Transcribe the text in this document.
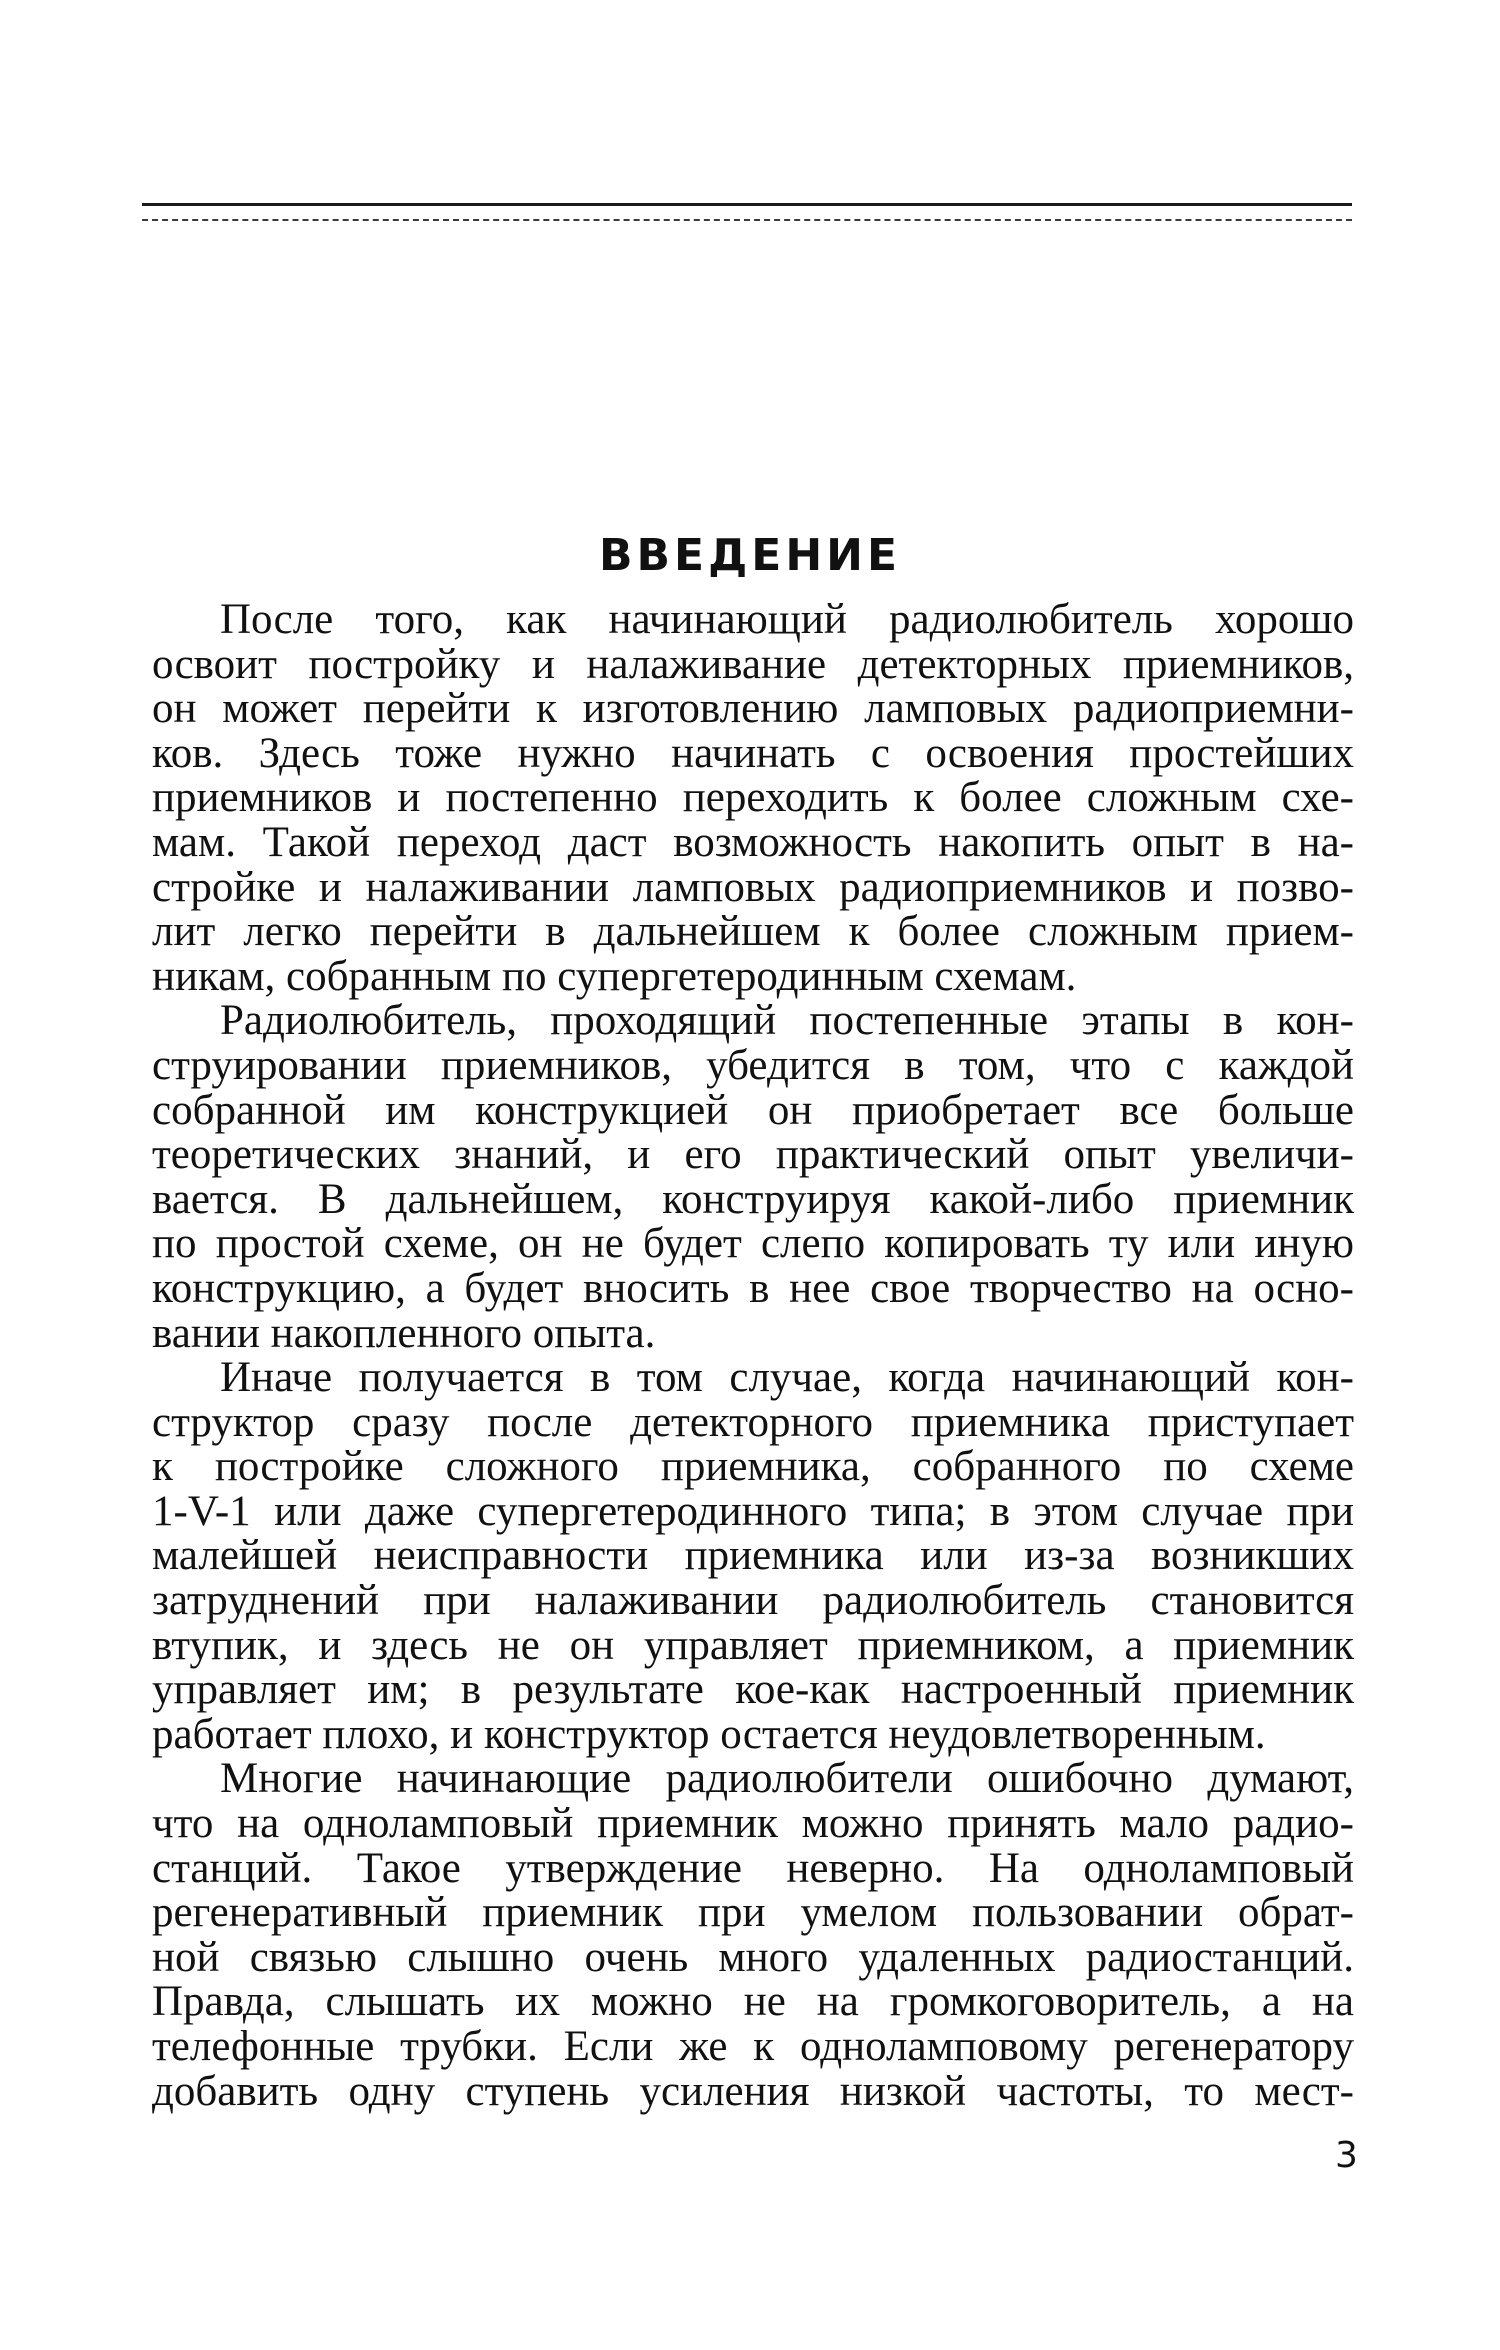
ВВЕДЕНИЕ
После того, как начинающий радиолюбитель хорошо
освоит постройку и налаживание детекторных приемников,
он может перейти к изготовлению ламповых радиоприемни-
ков. Здесь тоже нужно начинать с освоения простейших
приемников и постепенно переходить к более сложным схе-
мам. Такой переход даст возможность накопить опыт в на-
стройке и налаживании ламповых радиоприемников и позво-
лит легко перейти в дальнейшем к более сложным прием-
никам, собранным по супергетеродинным схемам.
Радиолюбитель, проходящий постепенные этапы в кон-
струировании приемников, убедится в том, что с каждой
собранной им конструкцией он приобретает все больше
теоретических знаний, и его практический опыт увеличи-
вается. В дальнейшем, конструируя какой-либо приемник
по простой схеме, он не будет слепо копировать ту или иную
конструкцию, а будет вносить в нее свое творчество на осно-
вании накопленного опыта.
Иначе получается в том случае, когда начинающий кон-
структор сразу после детекторного приемника приступает
к постройке сложного приемника, собранного по схеме
1-V-1 или даже супергетеродинного типа; в этом случае при
малейшей неисправности приемника или из-за возникших
затруднений при налаживании радиолюбитель становится
втупик, и здесь не он управляет приемником, а приемник
управляет им; в результате кое-как настроенный приемник
работает плохо, и конструктор остается неудовлетворенным.
Многие начинающие радиолюбители ошибочно думают,
что на одноламповый приемник можно принять мало радио-
станций. Такое утверждение неверно. На одноламповый
регенеративный приемник при умелом пользовании обрат-
ной связью слышно очень много удаленных радиостанций.
Правда, слышать их можно не на громкоговоритель, а на
телефонные трубки. Если же к одноламповому регенератору
добавить одну ступень усиления низкой частоты, то мест-
3
